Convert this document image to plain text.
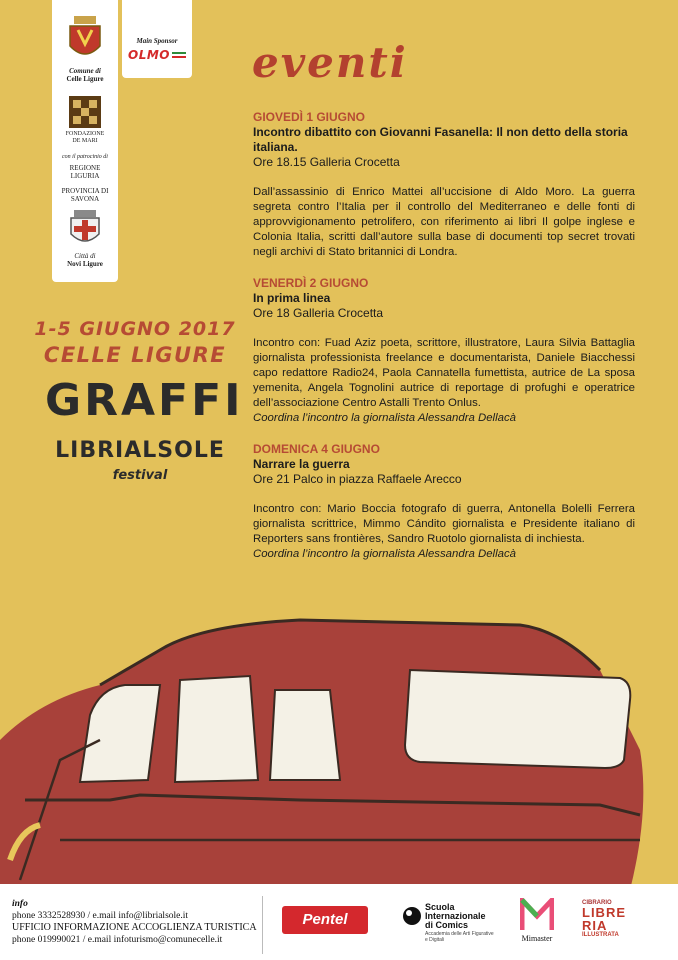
Comune di
Celle Ligure
FONDAZIONE
DE MARI
con il patrocinio di
REGIONE
LIGURIA
PROVINCIA DI
SAVONA
Città di
Novi Ligure
Main Sponsor
OLMO
1-5 GIUGNO 2017
CELLE LIGURE
GRAFFI
LIBRIALSOLE
festival
eventi
GIOVEDÌ 1 GIUGNO
Incontro dibattito con Giovanni Fasanella: Il non detto della storia italiana.
Ore 18.15 Galleria Crocetta
Dall’assassinio di Enrico Mattei all’uccisione di Aldo Moro. La guerra segreta contro l’Italia per il controllo del Mediterraneo e delle fonti di approvvigionamento petrolifero, con riferimento ai libri Il golpe inglese e Colonia Italia, scritti dall’autore sulla base di documenti top secret trovati negli archivi di Stato britannici di Londra.
VENERDÌ 2 GIUGNO
In prima linea
Ore 18 Galleria Crocetta
Incontro con: Fuad Aziz poeta, scrittore, illustratore, Laura Silvia Battaglia giornalista professionista freelance e documentarista, Daniele Biacchessi capo redattore Radio24, Paola Cannatella fumettista, autrice de La sposa yemenita, Angela Tognolini autrice di reportage di profughi e operatrice dell’associazione Centro Astalli Trento Onlus.
Coordina l’incontro la giornalista Alessandra Dellacà
DOMENICA 4 GIUGNO
Narrare la guerra
Ore 21 Palco in piazza Raffaele Arecco
Incontro con: Mario Boccia fotografo di guerra, Antonella Bolelli Ferrera giornalista scrittrice, Mimmo Cándito giornalista e Presidente italiano di Reporters sans frontières, Sandro Ruotolo giornalista di inchiesta.
Coordina l’incontro la giornalista Alessandra Dellacà
info
phone 3332528930 / e.mail info@librialsole.it
UFFICIO INFORMAZIONE ACCOGLIENZA TURISTICA
phone 019990021 / e.mail infoturismo@comunecelle.it
Pentel
Scuola
Internazionale
di Comics
Accademia delle Arti Figurative e Digitali	Mimaster
CIBRARIO
LIBRERIA
ILLUSTRATA
